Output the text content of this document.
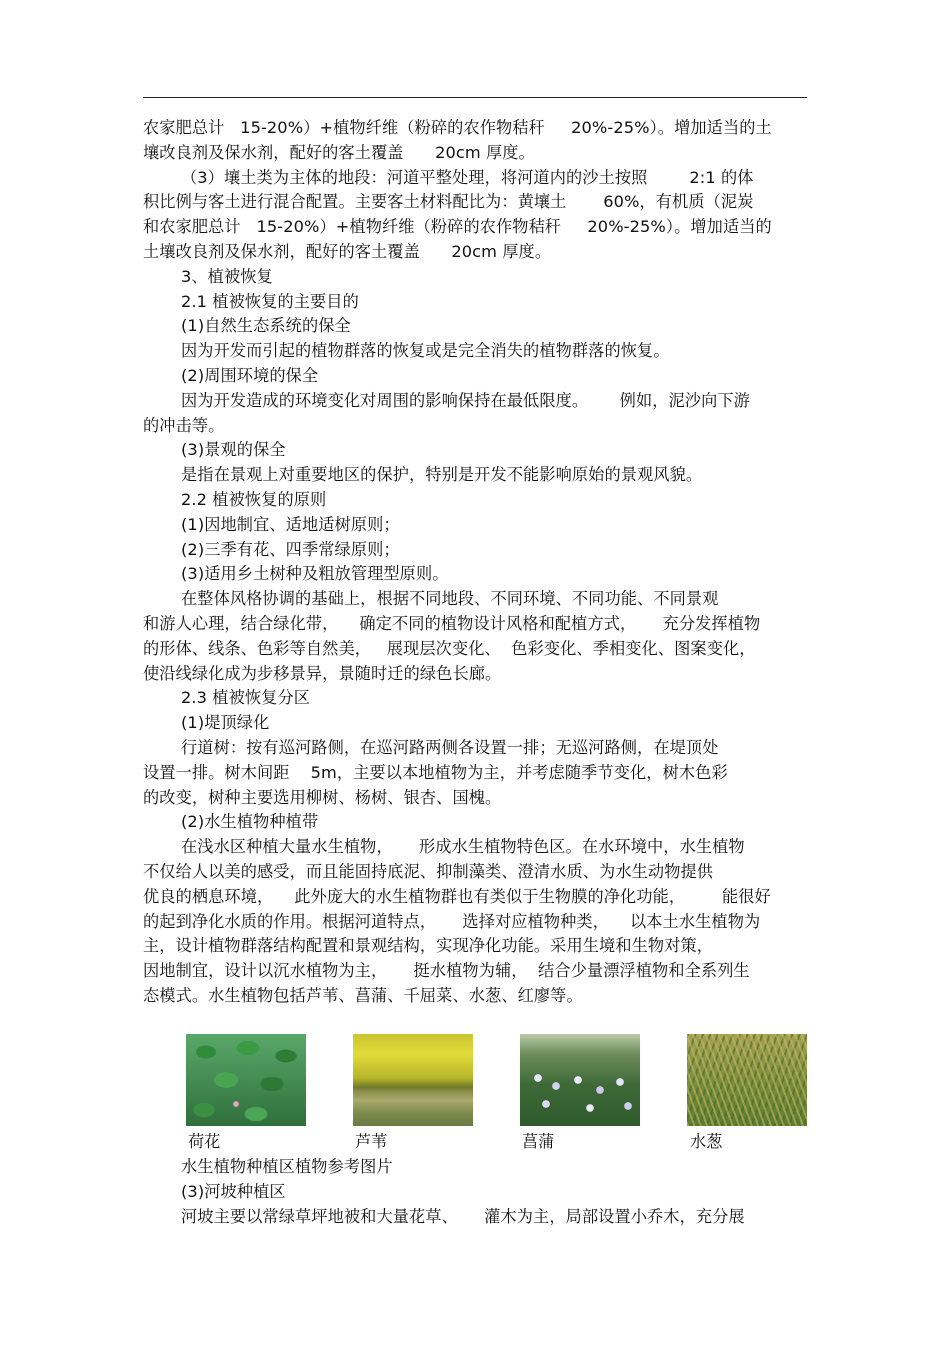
农家肥总计   15-20%）+植物纤维（粉碎的农作物秸秆     20%-25%）。增加适当的土
壤改良剂及保水剂，配好的客土覆盖      20cm 厚度。
（3）壤土类为主体的地段：河道平整处理，将河道内的沙土按照        2:1 的体
积比例与客土进行混合配置。主要客土材料配比为：黄壤土       60%，有机质（泥炭
和农家肥总计   15-20%）+植物纤维（粉碎的农作物秸秆     20%-25%）。增加适当的
土壤改良剂及保水剂，配好的客土覆盖      20cm 厚度。
3、植被恢复
2.1 植被恢复的主要目的
(1)自然生态系统的保全
因为开发而引起的植物群落的恢复或是完全消失的植物群落的恢复。
(2)周围环境的保全
因为开发造成的环境变化对周围的影响保持在最低限度。      例如，泥沙向下游
的冲击等。
(3)景观的保全
是指在景观上对重要地区的保护，特别是开发不能影响原始的景观风貌。
2.2 植被恢复的原则
(1)因地制宜、适地适树原则；
(2)三季有花、四季常绿原则；
(3)适用乡土树种及粗放管理型原则。
在整体风格协调的基础上，根据不同地段、不同环境、不同功能、不同景观
和游人心理，结合绿化带，    确定不同的植物设计风格和配植方式，     充分发挥植物
的形体、线条、色彩等自然美，   展现层次变化、  色彩变化、季相变化、图案变化，
使沿线绿化成为步移景异，景随时迁的绿色长廊。
2.3 植被恢复分区
(1)堤顶绿化
行道树：按有巡河路侧，在巡河路两侧各设置一排；无巡河路侧，在堤顶处
设置一排。树木间距    5m，主要以本地植物为主，并考虑随季节变化，树木色彩
的改变，树种主要选用柳树、杨树、银杏、国槐。
(2)水生植物种植带
在浅水区种植大量水生植物，     形成水生植物特色区。在水环境中，水生植物
不仅给人以美的感受，而且能固持底泥、抑制藻类、澄清水质、为水生动物提供
优良的栖息环境，    此外庞大的水生植物群也有类似于生物膜的净化功能，       能很好
的起到净化水质的作用。根据河道特点，     选择对应植物种类，    以本土水生植物为
主，设计植物群落结构配置和景观结构，实现净化功能。采用生境和生物对策，
因地制宜，设计以沉水植物为主，     挺水植物为辅，  结合少量漂浮植物和全系列生
态模式。水生植物包括芦苇、菖蒲、千屈菜、水葱、红廖等。
荷花	芦苇	菖蒲	水葱
水生植物种植区植物参考图片
(3)河坡种植区
河坡主要以常绿草坪地被和大量花草、     灌木为主，局部设置小乔木，充分展
